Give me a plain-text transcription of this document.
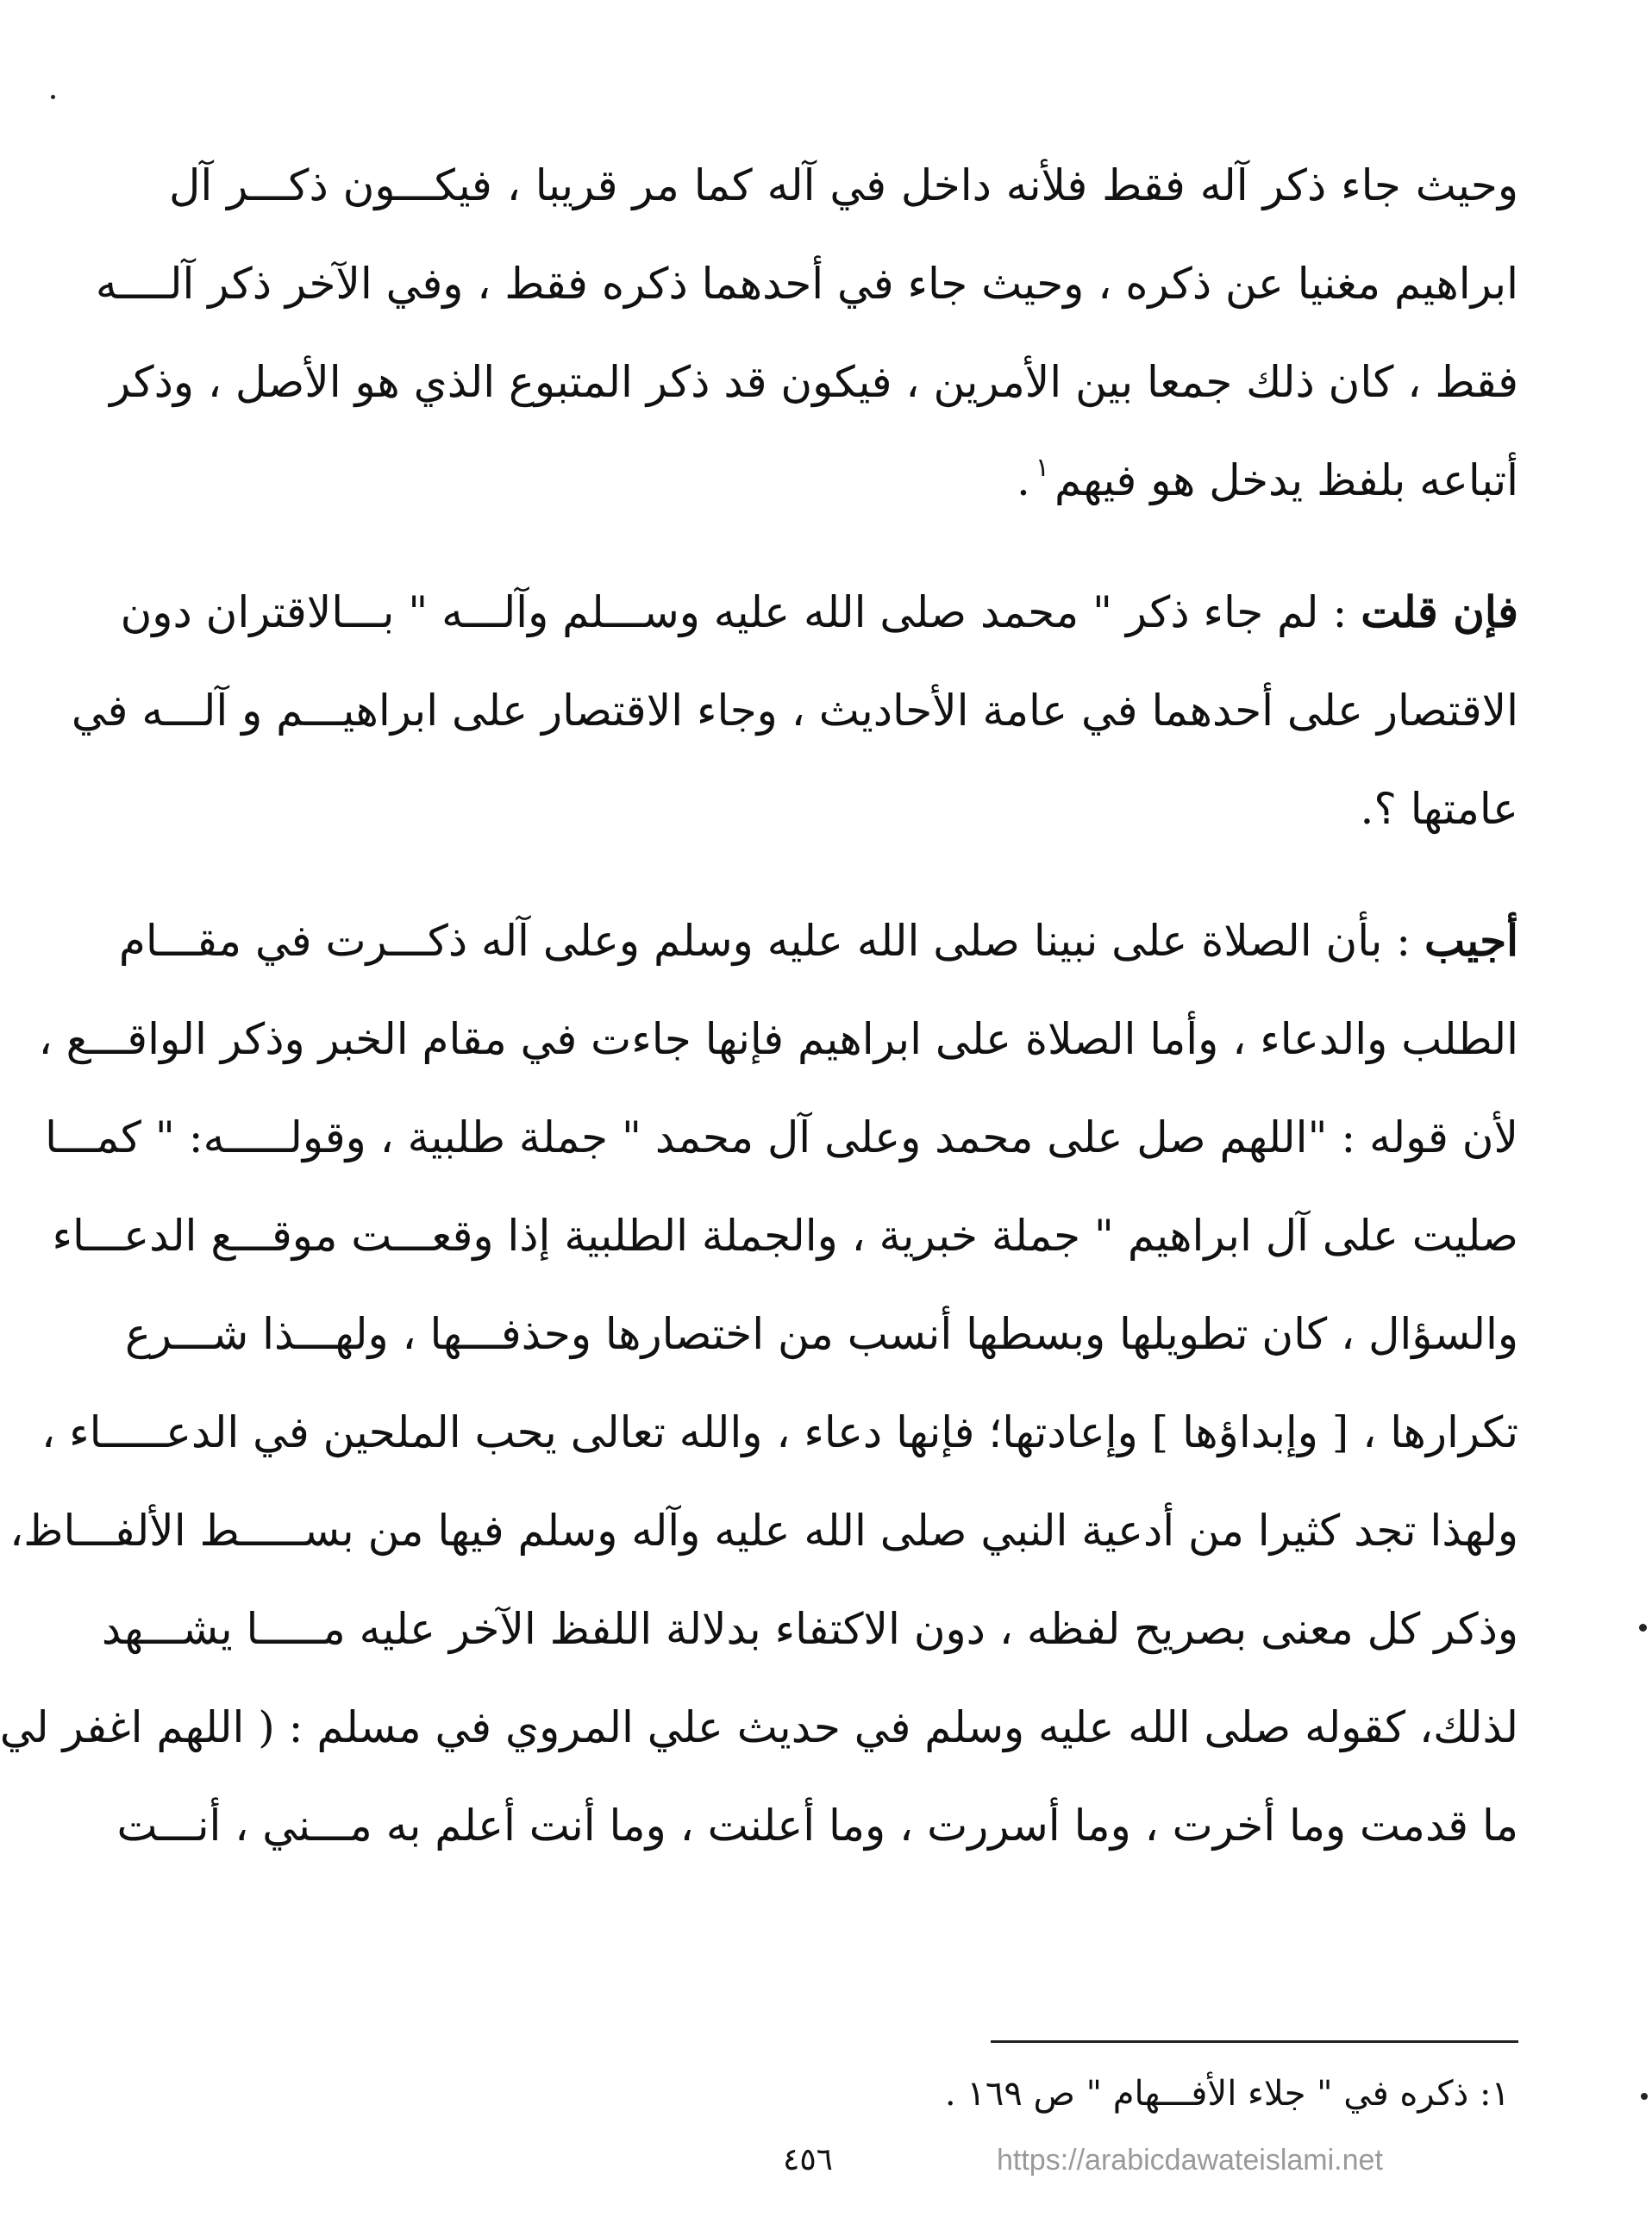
وحيث جاء ذكر آله فقط فلأنه داخل في آله كما مر قريبا ، فيكـــون ذكـــر آل
ابراهيم مغنيا عن ذكره ، وحيث جاء في أحدهما ذكره فقط ، وفي الآخر ذكر آلــــه
فقط ، كان ذلك جمعا بين الأمرين ، فيكون قد ذكر المتبوع الذي هو الأصل ، وذكر
أتباعه بلفظ يدخل هو فيهم$^١$.
فإن قلت : لم جاء ذكر " محمد صلى الله عليه وســـلم وآلـــه " بـــالاقتران دون
الاقتصار على أحدهما في عامة الأحاديث ، وجاء الاقتصار على ابراهيـــم و آلـــه في
عامتها ؟.
أجيب : بأن الصلاة على نبينا صلى الله عليه وسلم وعلى آله ذكـــرت في مقـــام
الطلب والدعاء ، وأما الصلاة على ابراهيم فإنها جاءت في مقام الخبر وذكر الواقـــع ،
لأن قوله : "اللهم صل على محمد وعلى آل محمد " جملة طلبية ، وقولـــــه: " كمـــا
صليت على آل ابراهيم " جملة خبرية ، والجملة الطلبية إذا وقعـــت موقـــع الدعـــاء
والسؤال ، كان تطويلها وبسطها أنسب من اختصارها وحذفـــها ، ولهـــذا شـــرع
تكرارها ، [ وإبداؤها ] وإعادتها؛ فإنها دعاء ، والله تعالى يحب الملحين في الدعـــــاء ،
ولهذا تجد كثيرا من أدعية النبي صلى الله عليه وآله وسلم فيها من بســـــط الألفـــاظ،
وذكر كل معنى بصريح لفظه ، دون الاكتفاء بدلالة اللفظ الآخر عليه مـــــا يشـــهد
لذلك، كقوله صلى الله عليه وسلم في حديث علي المروي في مسلم : ( اللهم اغفر لي
ما قدمت وما أخرت ، وما أسررت ، وما أعلنت ، وما أنت أعلم به مـــني ، أنـــت
١: ذكره في " جلاء الأفـــهام " ص ١٦٩ .
٤٥٦	https://arabicdawateislami.net
